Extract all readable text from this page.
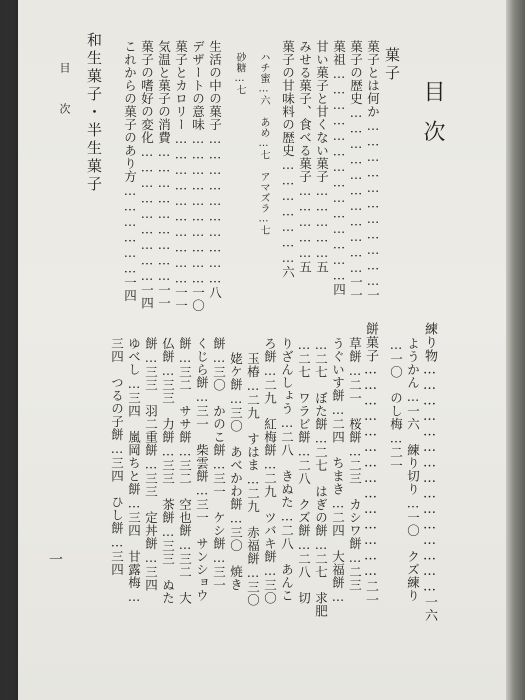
目次
菓子
菓子とは何か……………………………一
菓子の歴史……………………………一一
菓祖……………………………………四
甘い菓子と甘くない菓子……………五
みせる菓子、食べる菓子……………五
菓子の甘味料の歴史…………………六
ハチ蜜…六 あめ…七 アマズラ…七
砂糖…七
生活の中の菓子…………………………八
デザートの意味…………………………一〇
菓子とカロリー…………………………一一
気温と菓子の消費………………………一一
菓子の嗜好の変化………………………一四
これからの菓子のあり方………………一四
和生菓子・半生菓子
目次
練り物………………………………………一六
ようかん…一六　練り切り…一〇　クズ練り
…一〇　のし梅…二一
餅菓子……………………………………二一
草餅…二一　桜餅…二三　カシワ餅…二三
うぐいす餅…二四　ちまき…二四　大福餅…
…二七　ぼた餅…二七　はぎの餅…二七　求肥
…二七　ワラビ餅…二八　クズ餅…二八　切
りざんしょう…二八　きぬた…二八　あんこ
ろ餅…二九　紅梅餅…二九　ツバキ餅…三〇
玉椿…二九　すはま…二九　赤福餅…三〇
姥ケ餅…三〇　あべかわ餅…三〇　焼き
餅…三〇　かのこ餅…三一　ケシ餅…三一
くじら餅…三一　柴雲餅…三一　サンショウ
餅…三二　ササ餅…三二　空也餅…三二　大
仏餅…三三　力餅…三三　茶餅…三三　ぬた
餅…三三　羽二重餅…三三　定丼餅…三四
ゆべし…三四　嵐岡ちと餅…三四　甘露梅…
三四　つるの子餅…三四　ひし餅…三四
一
